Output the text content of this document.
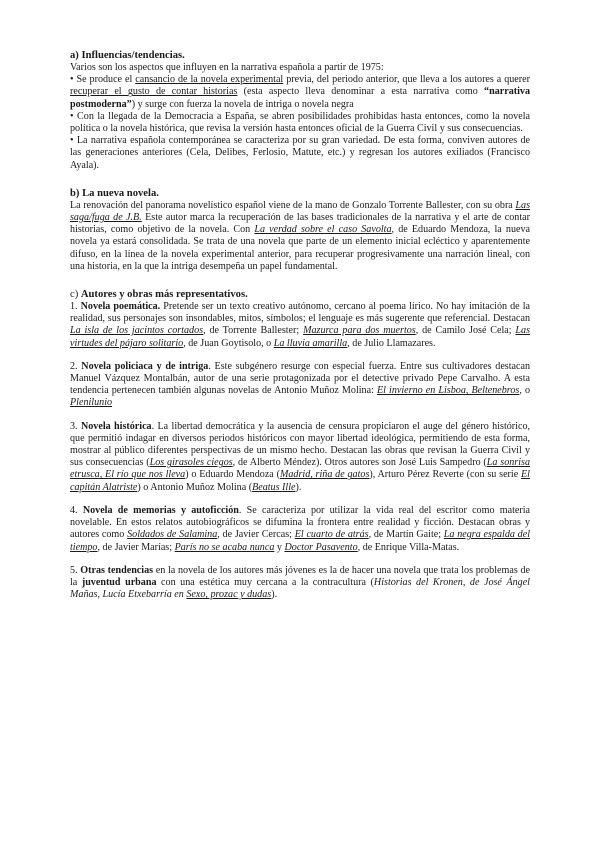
a) Influencias/tendencias.

Varios son los aspectos que influyen en la narrativa española a partir de 1975:

• Se produce el cansancio de la novela experimental previa, del periodo anterior, que lleva a los autores a querer recuperar el gusto de contar historias (esta aspecto lleva denominar a esta narrativa como “narrativa postmoderna”) y surge con fuerza la novela de intriga o novela negra

• Con la llegada de la Democracia a España, se abren posibilidades prohibidas hasta entonces, como la novela política o la novela histórica, que revisa la versión hasta entonces oficial de la Guerra Civil y sus consecuencias.

• La narrativa española contemporánea se caracteriza por su gran variedad. De esta forma, conviven autores de las generaciones anteriores (Cela, Delibes, Ferlosio, Matute, etc.) y regresan los autores exiliados (Francisco Ayala).

b) La nueva novela.

La renovación del panorama novelístico español viene de la mano de Gonzalo Torrente Ballester, con su obra Las saga/fuga de J.B. Este autor marca la recuperación de las bases tradicionales de la narrativa y el arte de contar historias, como objetivo de la novela. Con La verdad sobre el caso Savolta, de Eduardo Mendoza, la nueva novela ya estará consolidada. Se trata de una novela que parte de un elemento inicial ecléctico y aparentemente difuso, en la línea de la novela experimental anterior, para recuperar progresivamente una narración lineal, con una historia, en la que la intriga desempeña un papel fundamental.

c) Autores y obras más representativos.

1. Novela poemática. Pretende ser un texto creativo autónomo, cercano al poema lírico. No hay imitación de la realidad, sus personajes son insondables, mitos, símbolos; el lenguaje es más sugerente que referencial. Destacan La isla de los jacintos cortados, de Torrente Ballester; Mazurca para dos muertos, de Camilo José Cela; Las virtudes del pájaro solitario, de Juan Goytisolo, o La lluvia amarilla, de Julio Llamazares.

2. Novela policiaca y de intriga. Este subgénero resurge con especial fuerza. Entre sus cultivadores destacan Manuel Vázquez Montalbán, autor de una serie protagonizada por el detective privado Pepe Carvalho. A esta tendencia pertenecen también algunas novelas de Antonio Muñoz Molina: El invierno en Lisboa, Beltenebros, o Plenilunio

3. Novela histórica. La libertad democrática y la ausencia de censura propiciaron el auge del género histórico, que permitió indagar en diversos periodos históricos con mayor libertad ideológica, permitiendo de esta forma, mostrar al público diferentes perspectivas de un mismo hecho. Destacan las obras que revisan la Guerra Civil y sus consecuencias (Los girasoles ciegos, de Alberto Méndez). Otros autores son José Luis Sampedro (La sonrisa etrusca, El río que nos lleva) o Eduardo Mendoza (Madrid, riña de gatos), Arturo Pérez Reverte (con su serie El capitán Alatriste) o Antonio Muñoz Molina (Beatus Ille).

4. Novela de memorias y autoficción. Se caracteriza por utilizar la vida real del escritor como materia novelable. En estos relatos autobiográficos se difumina la frontera entre realidad y ficción. Destacan obras y autores como Soldados de Salamina, de Javier Cercas; El cuarto de atrás, de Martín Gaite; La negra espalda del tiempo, de Javier Marías; París no se acaba nunca y Doctor Pasavento, de Enrique Villa-Matas.

5. Otras tendencias en la novela de los autores más jóvenes es la de hacer una novela que trata los problemas de la juventud urbana con una estética muy cercana a la contracultura (Historias del Kronen, de José Ángel Mañas, Lucía Etxebarría en Sexo, prozac y dudas).
